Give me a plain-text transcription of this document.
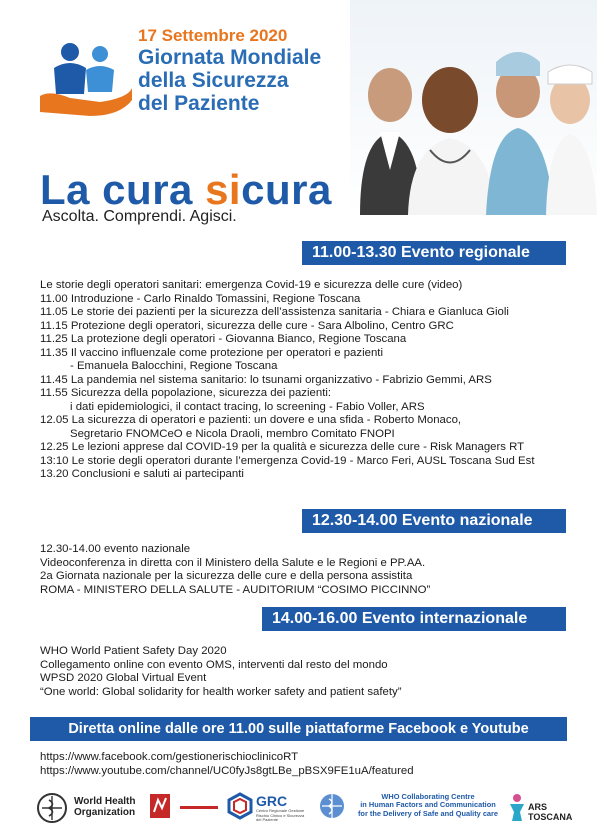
17 Settembre 2020
Giornata Mondiale
della Sicurezza
del Paziente
La cura sicura
Ascolta. Comprendi. Agisci.
11.00-13.30 Evento regionale
Le storie degli operatori sanitari: emergenza Covid-19 e sicurezza delle cure (video)
11.00 Introduzione - Carlo Rinaldo Tomassini, Regione Toscana
11.05 Le storie dei pazienti per la sicurezza dell’assistenza sanitaria - Chiara e Gianluca Gioli
11.15 Protezione degli operatori, sicurezza delle cure - Sara Albolino, Centro GRC
11.25 La protezione degli operatori - Giovanna Bianco, Regione Toscana
11.35 Il vaccino influenzale come protezione per operatori e pazienti
- Emanuela Balocchini, Regione Toscana
11.45 La pandemia nel sistema sanitario: lo tsunami organizzativo - Fabrizio Gemmi, ARS
11.55 Sicurezza della popolazione, sicurezza dei pazienti:
i dati epidemiologici, il contact tracing, lo screening - Fabio Voller, ARS
12.05 La sicurezza di operatori e pazienti: un dovere e una sfida - Roberto Monaco,
Segretario FNOMCeO e Nicola Draoli, membro Comitato FNOPI
12.25 Le lezioni apprese dal COVID-19 per la qualità e sicurezza delle cure - Risk Managers RT
13:10 Le storie degli operatori durante l’emergenza Covid-19 - Marco Feri, AUSL Toscana Sud Est
13.20 Conclusioni e saluti ai partecipanti
12.30-14.00 Evento nazionale
12.30-14.00 evento nazionale
Videoconferenza in diretta con il Ministero della Salute e le Regioni e PP.AA.
2a Giornata nazionale per la sicurezza delle cure e della persona assistita
ROMA - MINISTERO DELLA SALUTE - AUDITORIUM “COSIMO PICCINNO”
14.00-16.00 Evento internazionale
WHO World Patient Safety Day 2020
Collegamento online con evento OMS, interventi dal resto del mondo
WPSD 2020 Global Virtual Event
“One world: Global solidarity for health worker safety and patient safety”
Diretta online dalle ore 11.00 sulle piattaforme Facebook e Youtube
https://www.facebook.com/gestionerischioclinicoRT
https://www.youtube.com/channel/UC0fyJs8gtLBe_pBSX9FE1uA/featured
World Health
Organization
GRC
Centro Regionale Gestione Rischio Clinico e Sicurezza del Paziente
WHO Collaborating Centre
in Human Factors and Communication
for the Delivery of Safe and Quality care
ARS TOSCANA
